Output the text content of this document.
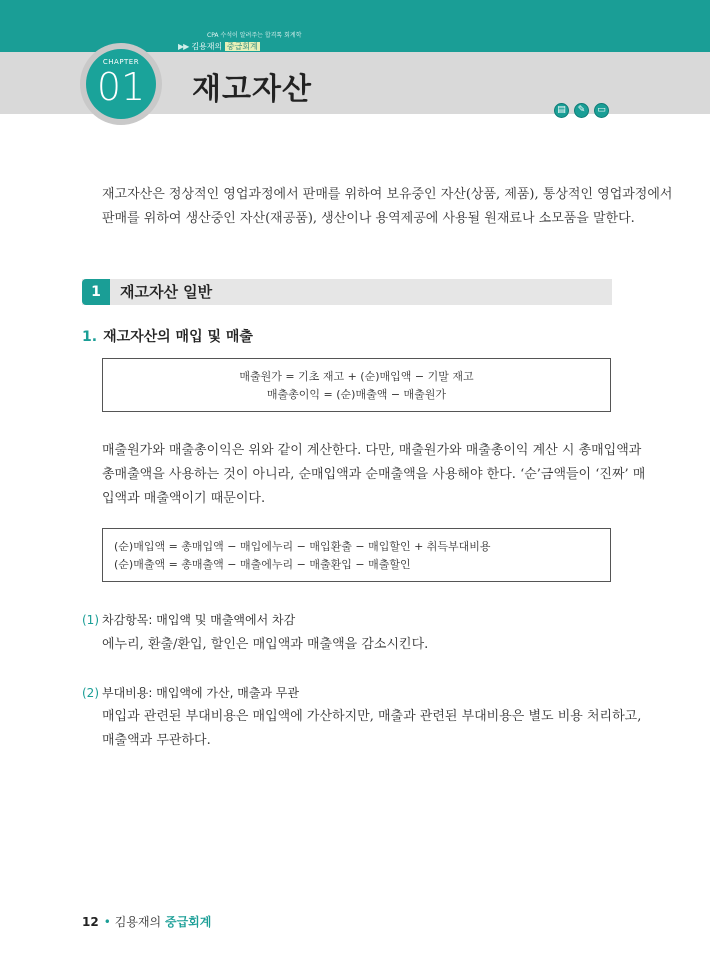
CPA 수석이 알려주는 합격톡 회계학
▶▶ 김용재의 중급회계
CHAPTER
01	재고자산
▤	✎	▭
재고자산은 정상적인 영업과정에서 판매를 위하여 보유중인 자산(상품, 제품), 통상적인 영업과정에서
판매를 위하여 생산중인 자산(재공품), 생산이나 용역제공에 사용될 원재료나 소모품을 말한다.
1	재고자산 일반
1. 재고자산의 매입 및 매출
매출원가 = 기초 재고 + (순)매입액 − 기말 재고
매출총이익 = (순)매출액 − 매출원가
매출원가와 매출총이익은 위와 같이 계산한다. 다만, 매출원가와 매출총이익 계산 시 총매입액과
총매출액을 사용하는 것이 아니라, 순매입액과 순매출액을 사용해야 한다. ‘순’금액들이 ‘진짜’ 매
입액과 매출액이기 때문이다.
(순)매입액 = 총매입액 − 매입에누리 − 매입환출 − 매입할인 + 취득부대비용
(순)매출액 = 총매출액 − 매출에누리 − 매출환입 − 매출할인
(1) 차감항목: 매입액 및 매출액에서 차감
에누리, 환출/환입, 할인은 매입액과 매출액을 감소시킨다.
(2) 부대비용: 매입액에 가산, 매출과 무관
매입과 관련된 부대비용은 매입액에 가산하지만, 매출과 관련된 부대비용은 별도 비용 처리하고,
매출액과 무관하다.
12 • 김용재의 중급회계
